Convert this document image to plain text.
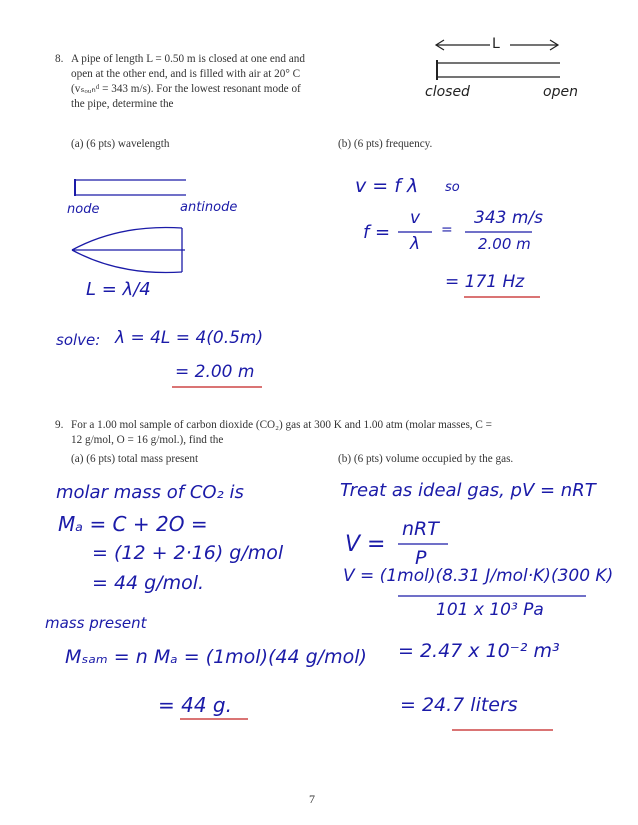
8. A pipe of length L = 0.50 m is closed at one end and
open at the other end, and is filled with air at 20° C
(vₛₒᵤₙᵈ = 343 m/s). For the lowest resonant mode of
the pipe, determine the
(a) (6 pts) wavelength	(b) (6 pts) frequency.
L
closed	open
node	antinode
L = λ/4
solve: λ = 4L = 4(0.5m)
= 2.00 m
v = f λ so
f =
v
λ
=
343 m/s
2.00 m
= 171 Hz
9. For a 1.00 mol sample of carbon dioxide (CO₂) gas at 300 K and 1.00 atm (molar masses, C =
12 g/mol, O = 16 g/mol.), find the
(a) (6 pts) total mass present	(b) (6 pts) volume occupied by the gas.
molar mass of CO₂ is
Mₐ = C + 2O =
= (12 + 2·16) g/mol
= 44 g/mol.
mass present
Mₛₐₘ = n Mₐ = (1mol)(44 g/mol)
= 44 g.
Treat as ideal gas, pV = nRT
V =
nRT
P
V = (1mol)(8.31 J/mol·K)(300 K)
101 x 10³ Pa
= 2.47 x 10⁻² m³
= 24.7 liters
7
